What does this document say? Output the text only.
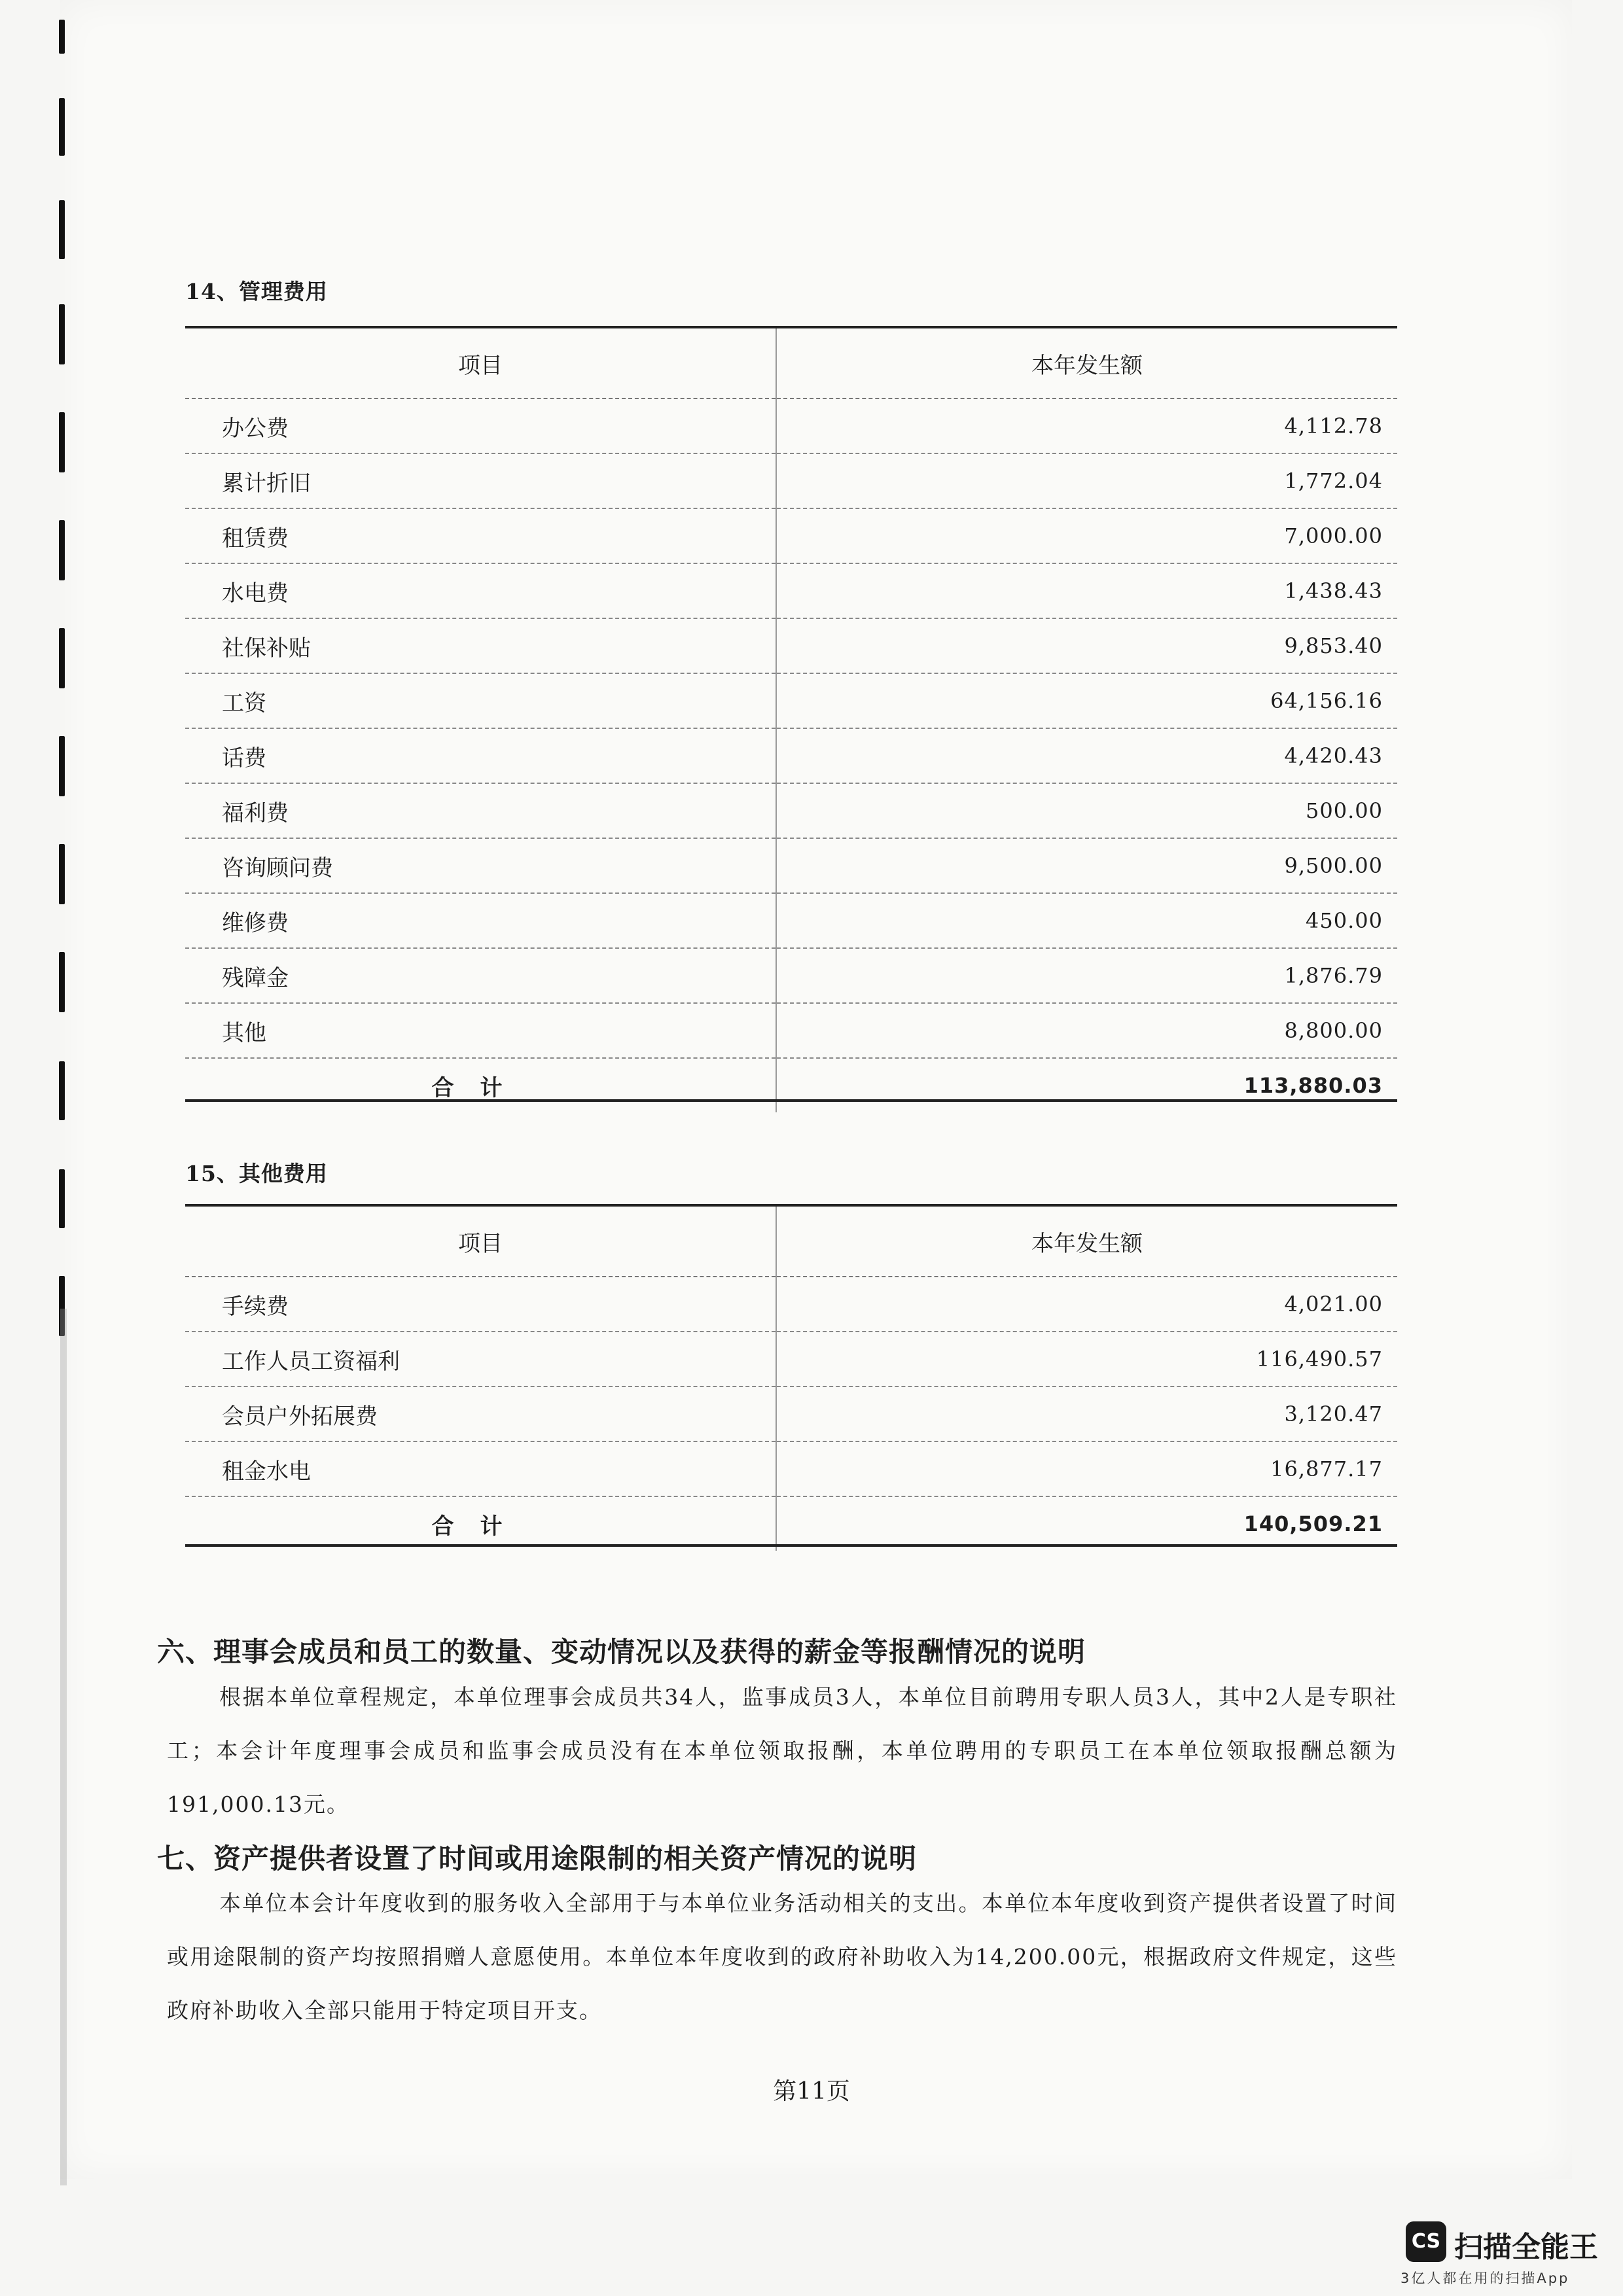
14、管理费用
项目	本年发生额
办公费	4,112.78
累计折旧	1,772.04
租赁费	7,000.00
水电费	1,438.43
社保补贴	9,853.40
工资	64,156.16
话费	4,420.43
福利费	500.00
咨询顾问费	9,500.00
维修费	450.00
残障金	1,876.79
其他	8,800.00
合计	113,880.03
15、其他费用
项目	本年发生额
手续费	4,021.00
工作人员工资福利	116,490.57
会员户外拓展费	3,120.47
租金水电	16,877.17
合计	140,509.21
六、理事会成员和员工的数量、变动情况以及获得的薪金等报酬情况的说明
根据本单位章程规定，本单位理事会成员共34人，监事成员3人，本单位目前聘用专职人员3人，其中2人是专职社工；本会计年度理事会成员和监事会成员没有在本单位领取报酬，本单位聘用的专职员工在本单位领取报酬总额为191,000.13元。
七、资产提供者设置了时间或用途限制的相关资产情况的说明
本单位本会计年度收到的服务收入全部用于与本单位业务活动相关的支出。本单位本年度收到资产提供者设置了时间或用途限制的资产均按照捐赠人意愿使用。本单位本年度收到的政府补助收入为14,200.00元，根据政府文件规定，这些政府补助收入全部只能用于特定项目开支。
第11页
CS 扫描全能王
3亿人都在用的扫描App
